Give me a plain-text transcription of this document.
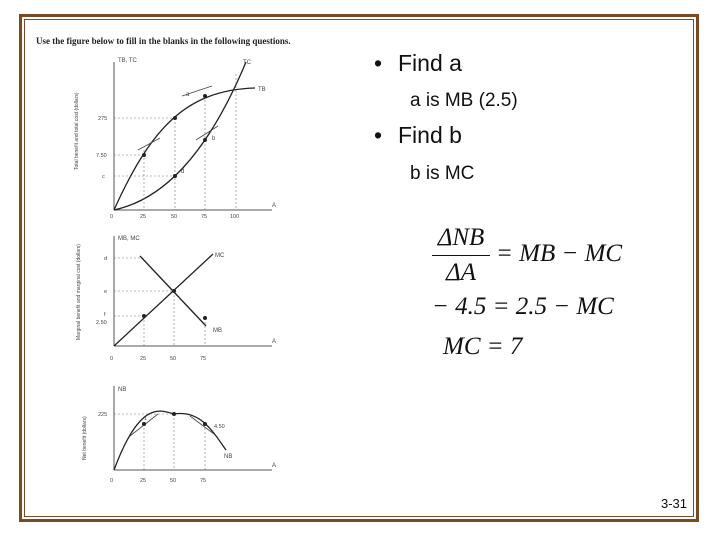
Use the figure below to fill in the blanks in the following questions.
TB, TC
Total benefit and total cost (dollars)
TC
TB
a
b
d
275
7.50
c
0	25	50	75	100
A
MB, MC
Marginal benefit and marginal cost (dollars)	MC
MB
d
e
f
2.50
0	25	50	75
A
NB
Net benefit (dollars)	NB
225
4.50
1
0	25	50	75
A
• Find a
a is MB (2.5)
• Find b
b is MC
ΔNB
ΔA
= MB − MC
− 4.5 = 2.5 − MC
MC = 7
3-31
